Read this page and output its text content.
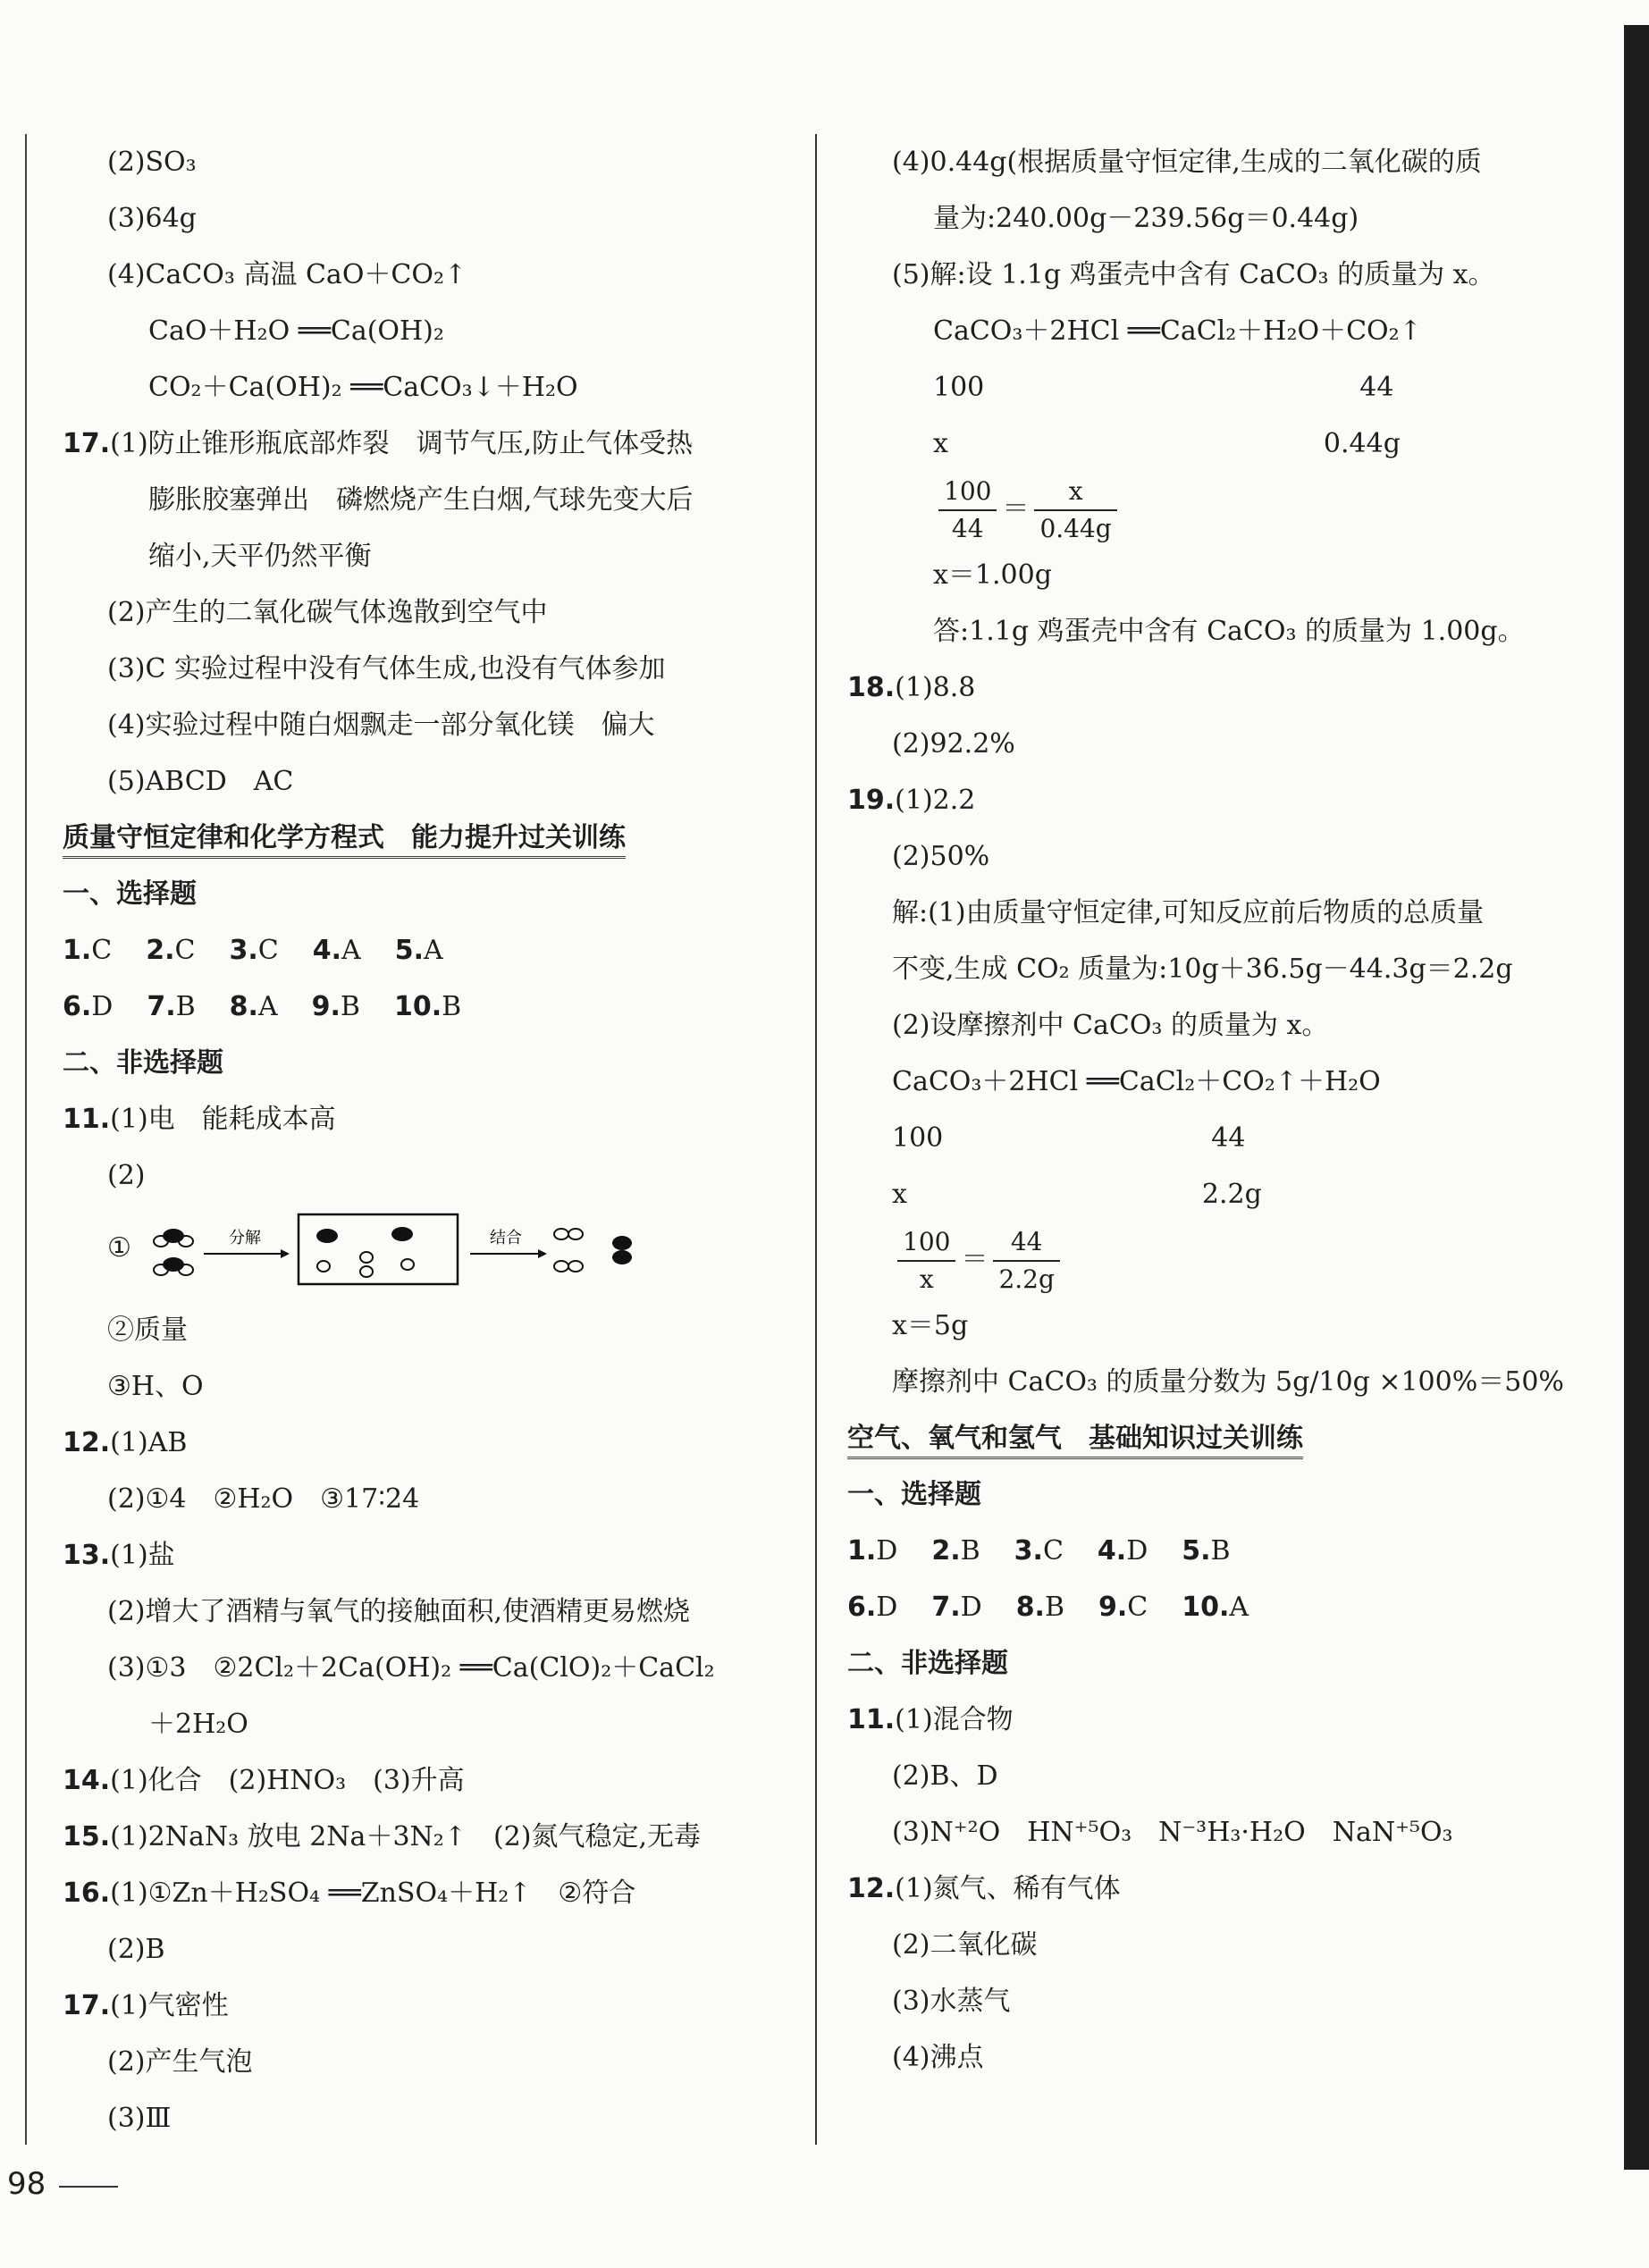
(2)SO₃
(3)64g
(4)CaCO₃ 高温 CaO＋CO₂↑
CaO＋H₂O ══Ca(OH)₂
CO₂＋Ca(OH)₂ ══CaCO₃↓＋H₂O
17.(1)防止锥形瓶底部炸裂　调节气压,防止气体受热
膨胀胶塞弹出　磷燃烧产生白烟,气球先变大后
缩小,天平仍然平衡
(2)产生的二氧化碳气体逸散到空气中
(3)C 实验过程中没有气体生成,也没有气体参加
(4)实验过程中随白烟飘走一部分氧化镁　偏大
(5)ABCD　AC
质量守恒定律和化学方程式　能力提升过关训练
一、选择题
1.C 2.C 3.C 4.A 5.A
6.D 7.B 8.A 9.B 10.B
二、非选择题
11.(1)电　能耗成本高
(2)
①	分解	结合
②质量
③H、O
12.(1)AB
(2)①4　②H₂O　③17∶24
13.(1)盐
(2)增大了酒精与氧气的接触面积,使酒精更易燃烧
(3)①3　②2Cl₂＋2Ca(OH)₂ ══Ca(ClO)₂＋CaCl₂
＋2H₂O
14.(1)化合　(2)HNO₃　(3)升高
15.(1)2NaN₃ 放电 2Na＋3N₂↑　(2)氮气稳定,无毒
16.(1)①Zn＋H₂SO₄ ══ZnSO₄＋H₂↑　②符合
(2)B
17.(1)气密性
(2)产生气泡
(3)Ⅲ
(4)0.44g(根据质量守恒定律,生成的二氧化碳的质
量为:240.00g－239.56g＝0.44g)
(5)解:设 1.1g 鸡蛋壳中含有 CaCO₃ 的质量为 x。
CaCO₃＋2HCl ══CaCl₂＋H₂O＋CO₂↑
100　　　　　　　　　　　　　　44
x　　　　　　　　　　　　　　0.44g
$\frac{100}{44} = \frac{x}{0.44g}$
x＝1.00g
答:1.1g 鸡蛋壳中含有 CaCO₃ 的质量为 1.00g。
18.(1)8.8
(2)92.2%
19.(1)2.2
(2)50%
解:(1)由质量守恒定律,可知反应前后物质的总质量
不变,生成 CO₂ 质量为:10g＋36.5g－44.3g＝2.2g
(2)设摩擦剂中 CaCO₃ 的质量为 x。
CaCO₃＋2HCl ══CaCl₂＋CO₂↑＋H₂O
100　　　　　　　　　　44
x　　　　　　　　　　　2.2g
$\frac{100}{x} = \frac{44}{2.2g}$
x＝5g
摩擦剂中 CaCO₃ 的质量分数为 5g/10g ×100%＝50%
空气、氧气和氢气　基础知识过关训练
一、选择题
1.D 2.B 3.C 4.D 5.B
6.D 7.D 8.B 9.C 10.A
二、非选择题
11.(1)混合物
(2)B、D
(3)N⁺²O　HN⁺⁵O₃　N⁻³H₃·H₂O　NaN⁺⁵O₃
12.(1)氮气、稀有气体
(2)二氧化碳
(3)水蒸气
(4)沸点
98
